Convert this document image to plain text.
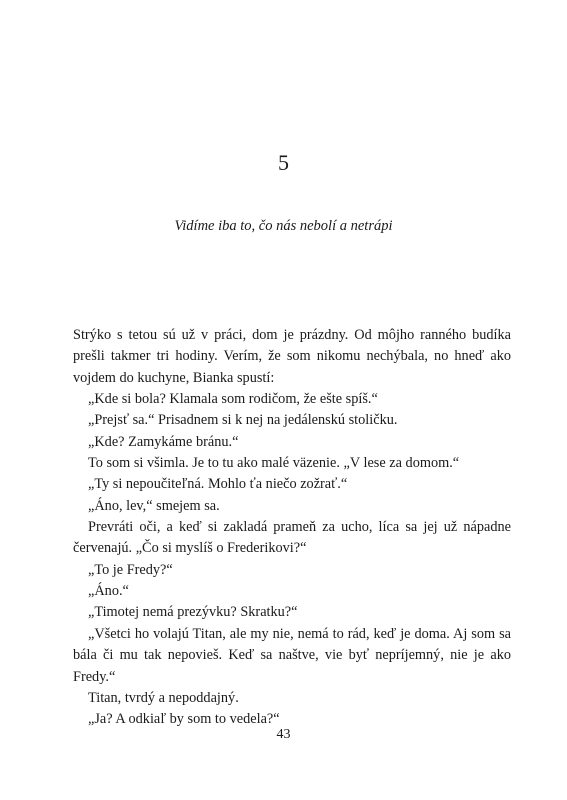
5
Vidíme iba to, čo nás nebolí a netrápi

Strýko s tetou sú už v práci, dom je prázdny. Od môjho ranného budíka prešli takmer tri hodiny. Verím, že som nikomu nechýbala, no hneď ako vojdem do kuchyne, Bianka spustí:

„Kde si bola? Klamala som rodičom, že ešte spíš.“

„Prejsť sa.“ Prisadnem si k nej na jedálenskú stoličku.

„Kde? Zamykáme bránu.“

To som si všimla. Je to tu ako malé väzenie. „V lese za domom.“

„Ty si nepoučiteľná. Mohlo ťa niečo zožrať.“

„Áno, lev,“ smejem sa.

Prevráti oči, a keď si zakladá prameň za ucho, líca sa jej už nápadne červenajú. „Čo si myslíš o Frederikovi?“

„To je Fredy?“

„Áno.“

„Timotej nemá prezývku? Skratku?“

„Všetci ho volajú Titan, ale my nie, nemá to rád, keď je doma. Aj som sa bála či mu tak nepovieš. Keď sa naštve, vie byť nepríjemný, nie je ako Fredy.“

Titan, tvrdý a nepoddajný.

„Ja? A odkiaľ by som to vedela?“

43
